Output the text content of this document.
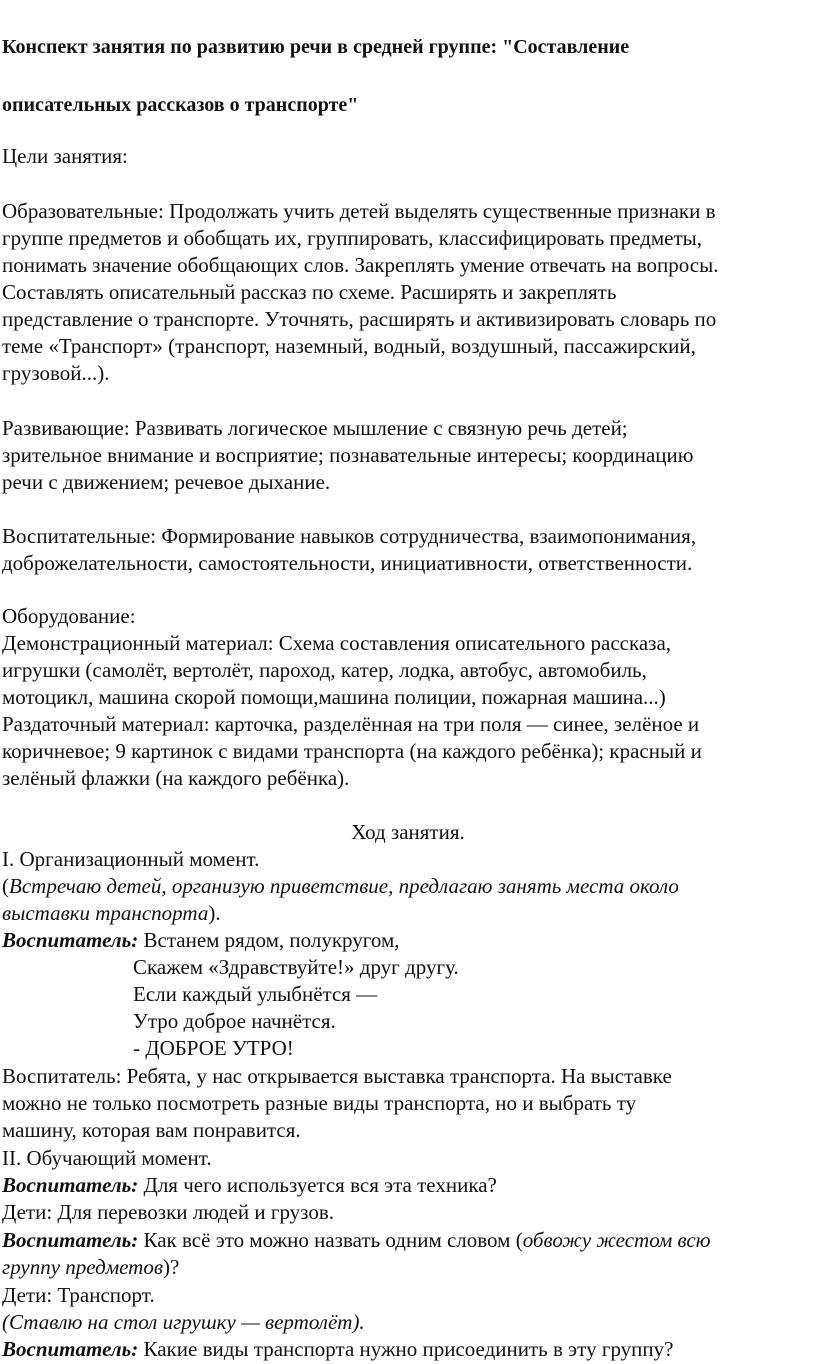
Конспект занятия по развитию речи в средней группе: "Составление
описательных рассказов о транспорте"
Цели занятия:
Образовательные: Продолжать учить детей выделять существенные признаки в
группе предметов и обобщать их, группировать, классифицировать предметы,
понимать значение обобщающих слов. Закреплять умение отвечать на вопросы.
Составлять описательный рассказ по схеме. Расширять и закреплять
представление о транспорте. Уточнять, расширять и активизировать словарь по
теме «Транспорт» (транспорт, наземный, водный, воздушный, пассажирский,
грузовой...).
Развивающие: Развивать логическое мышление с связную речь детей;
зрительное внимание и восприятие; познавательные интересы; координацию
речи с движением; речевое дыхание.
Воспитательные: Формирование навыков сотрудничества, взаимопонимания,
доброжелательности, самостоятельности, инициативности, ответственности.
Оборудование:
Демонстрационный материал: Схема составления описательного рассказа,
игрушки (самолёт, вертолёт, пароход, катер, лодка, автобус, автомобиль,
мотоцикл, машина скорой помощи,машина полиции, пожарная машина...)
Раздаточный материал: карточка, разделённая на три поля — синее, зелёное и
коричневое; 9 картинок с видами транспорта (на каждого ребёнка); красный и
зелёный флажки (на каждого ребёнка).
Ход занятия.
I. Организационный момент.
(Встречаю детей, организую приветствие, предлагаю занять места около
выставки транспорта).
Воспитатель: Встанем рядом, полукругом,
Скажем «Здравствуйте!» друг другу.
Если каждый улыбнётся —
Утро доброе начнётся.
- ДОБРОЕ УТРО!
Воспитатель: Ребята, у нас открывается выставка транспорта. На выставке
можно не только посмотреть разные виды транспорта, но и выбрать ту
машину, которая вам понравится.
II. Обучающий момент.
Воспитатель: Для чего используется вся эта техника?
Дети: Для перевозки людей и грузов.
Воспитатель: Как всё это можно назвать одним словом (обвожу жестом всю
группу предметов)?
Дети: Транспорт.
(Ставлю на стол игрушку — вертолёт).
Воспитатель: Какие виды транспорта нужно присоединить в эту группу?
